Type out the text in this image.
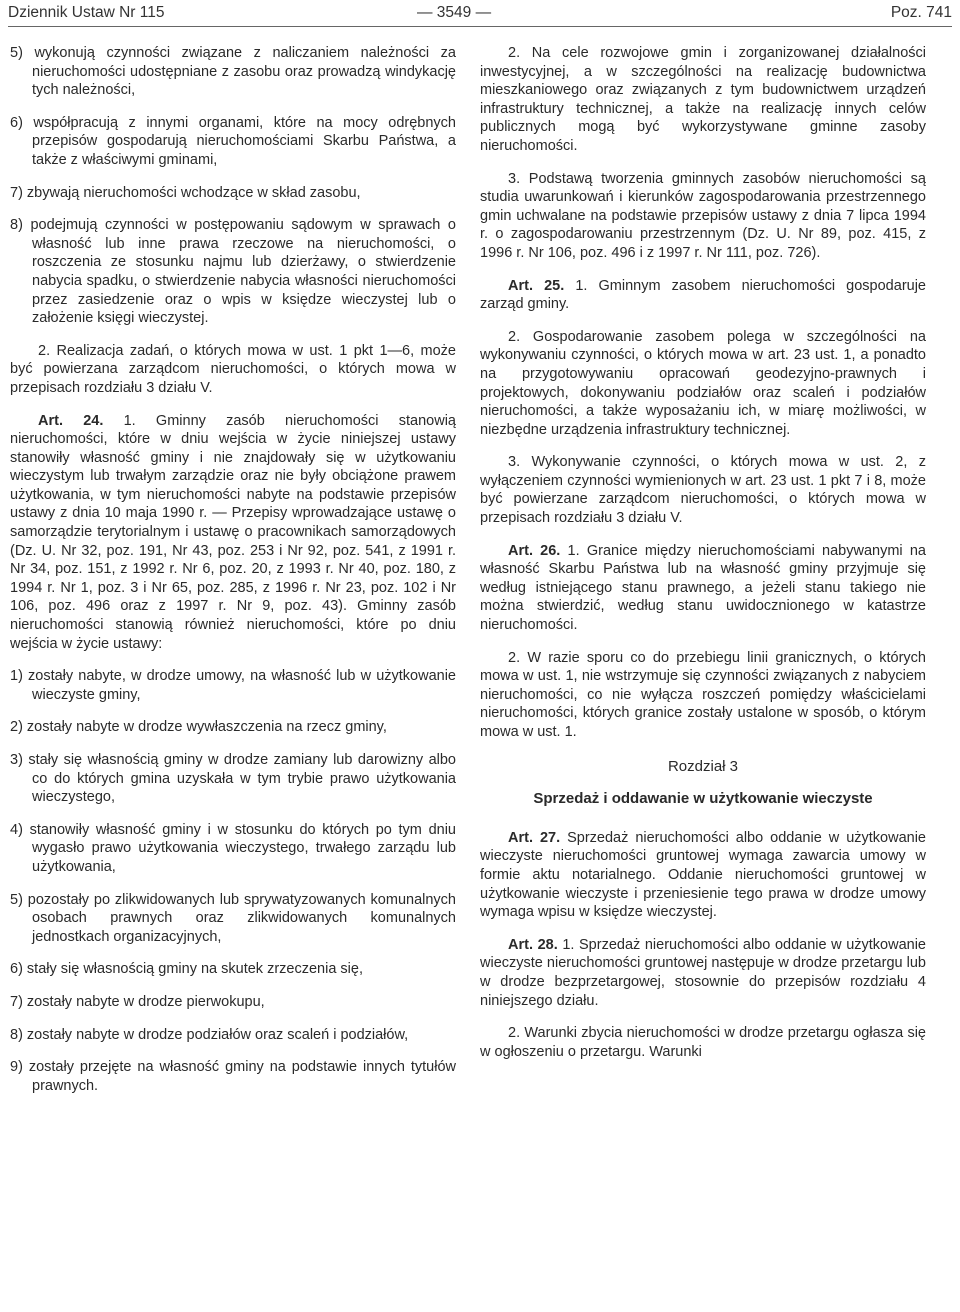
Dziennik Ustaw Nr 115	— 3549 —	Poz. 741

5) wykonują czynności związane z naliczaniem należności za nieruchomości udostępniane z zasobu oraz prowadzą windykację tych należności,

6) współpracują z innymi organami, które na mocy odrębnych przepisów gospodarują nieruchomościami Skarbu Państwa, a także z właściwymi gminami,

7) zbywają nieruchomości wchodzące w skład zasobu,

8) podejmują czynności w postępowaniu sądowym w sprawach o własność lub inne prawa rzeczowe na nieruchomości, o roszczenia ze stosunku najmu lub dzierżawy, o stwierdzenie nabycia spadku, o stwierdzenie nabycia własności nieruchomości przez zasiedzenie oraz o wpis w księdze wieczystej lub o założenie księgi wieczystej.

2. Realizacja zadań, o których mowa w ust. 1 pkt 1—6, może być powierzana zarządcom nieruchomości, o których mowa w przepisach rozdziału 3 działu V.

Art. 24. 1. Gminny zasób nieruchomości stanowią nieruchomości, które w dniu wejścia w życie niniejszej ustawy stanowiły własność gminy i nie znajdowały się w użytkowaniu wieczystym lub trwałym zarządzie oraz nie były obciążone prawem użytkowania, w tym nieruchomości nabyte na podstawie przepisów ustawy z dnia 10 maja 1990 r. — Przepisy wprowadzające ustawę o samorządzie terytorialnym i ustawę o pracownikach samorządowych (Dz. U. Nr 32, poz. 191, Nr 43, poz. 253 i Nr 92, poz. 541, z 1991 r. Nr 34, poz. 151, z 1992 r. Nr 6, poz. 20, z 1993 r. Nr 40, poz. 180, z 1994 r. Nr 1, poz. 3 i Nr 65, poz. 285, z 1996 r. Nr 23, poz. 102 i Nr 106, poz. 496 oraz z 1997 r. Nr 9, poz. 43). Gminny zasób nieruchomości stanowią również nieruchomości, które po dniu wejścia w życie ustawy:

1) zostały nabyte, w drodze umowy, na własność lub w użytkowanie wieczyste gminy,

2) zostały nabyte w drodze wywłaszczenia na rzecz gminy,

3) stały się własnością gminy w drodze zamiany lub darowizny albo co do których gmina uzyskała w tym trybie prawo użytkowania wieczystego,

4) stanowiły własność gminy i w stosunku do których po tym dniu wygasło prawo użytkowania wieczystego, trwałego zarządu lub użytkowania,

5) pozostały po zlikwidowanych lub sprywatyzowanych komunalnych osobach prawnych oraz zlikwidowanych komunalnych jednostkach organizacyjnych,

6) stały się własnością gminy na skutek zrzeczenia się,

7) zostały nabyte w drodze pierwokupu,

8) zostały nabyte w drodze podziałów oraz scaleń i podziałów,

9) zostały przejęte na własność gminy na podstawie innych tytułów prawnych.

2. Na cele rozwojowe gmin i zorganizowanej działalności inwestycyjnej, a w szczególności na realizację budownictwa mieszkaniowego oraz związanych z tym budownictwem urządzeń infrastruktury technicznej, a także na realizację innych celów publicznych mogą być wykorzystywane gminne zasoby nieruchomości.

3. Podstawą tworzenia gminnych zasobów nieruchomości są studia uwarunkowań i kierunków zagospodarowania przestrzennego gmin uchwalane na podstawie przepisów ustawy z dnia 7 lipca 1994 r. o zagospodarowaniu przestrzennym (Dz. U. Nr 89, poz. 415, z 1996 r. Nr 106, poz. 496 i z 1997 r. Nr 111, poz. 726).

Art. 25. 1. Gminnym zasobem nieruchomości gospodaruje zarząd gminy.

2. Gospodarowanie zasobem polega w szczególności na wykonywaniu czynności, o których mowa w art. 23 ust. 1, a ponadto na przygotowywaniu opracowań geodezyjno-prawnych i projektowych, dokonywaniu podziałów oraz scaleń i podziałów nieruchomości, a także wyposażaniu ich, w miarę możliwości, w niezbędne urządzenia infrastruktury technicznej.

3. Wykonywanie czynności, o których mowa w ust. 2, z wyłączeniem czynności wymienionych w art. 23 ust. 1 pkt 7 i 8, może być powierzane zarządcom nieruchomości, o których mowa w przepisach rozdziału 3 działu V.

Art. 26. 1. Granice między nieruchomościami nabywanymi na własność Skarbu Państwa lub na własność gminy przyjmuje się według istniejącego stanu prawnego, a jeżeli stanu takiego nie można stwierdzić, według stanu uwidocznionego w katastrze nieruchomości.

2. W razie sporu co do przebiegu linii granicznych, o których mowa w ust. 1, nie wstrzymuje się czynności związanych z nabyciem nieruchomości, co nie wyłącza roszczeń pomiędzy właścicielami nieruchomości, których granice zostały ustalone w sposób, o którym mowa w ust. 1.

Rozdział 3
Sprzedaż i oddawanie w użytkowanie wieczyste

Art. 27. Sprzedaż nieruchomości albo oddanie w użytkowanie wieczyste nieruchomości gruntowej wymaga zawarcia umowy w formie aktu notarialnego. Oddanie nieruchomości gruntowej w użytkowanie wieczyste i przeniesienie tego prawa w drodze umowy wymaga wpisu w księdze wieczystej.

Art. 28. 1. Sprzedaż nieruchomości albo oddanie w użytkowanie wieczyste nieruchomości gruntowej następuje w drodze przetargu lub w drodze bezprzetargowej, stosownie do przepisów rozdziału 4 niniejszego działu.

2. Warunki zbycia nieruchomości w drodze przetargu ogłasza się w ogłoszeniu o przetargu. Warunki
